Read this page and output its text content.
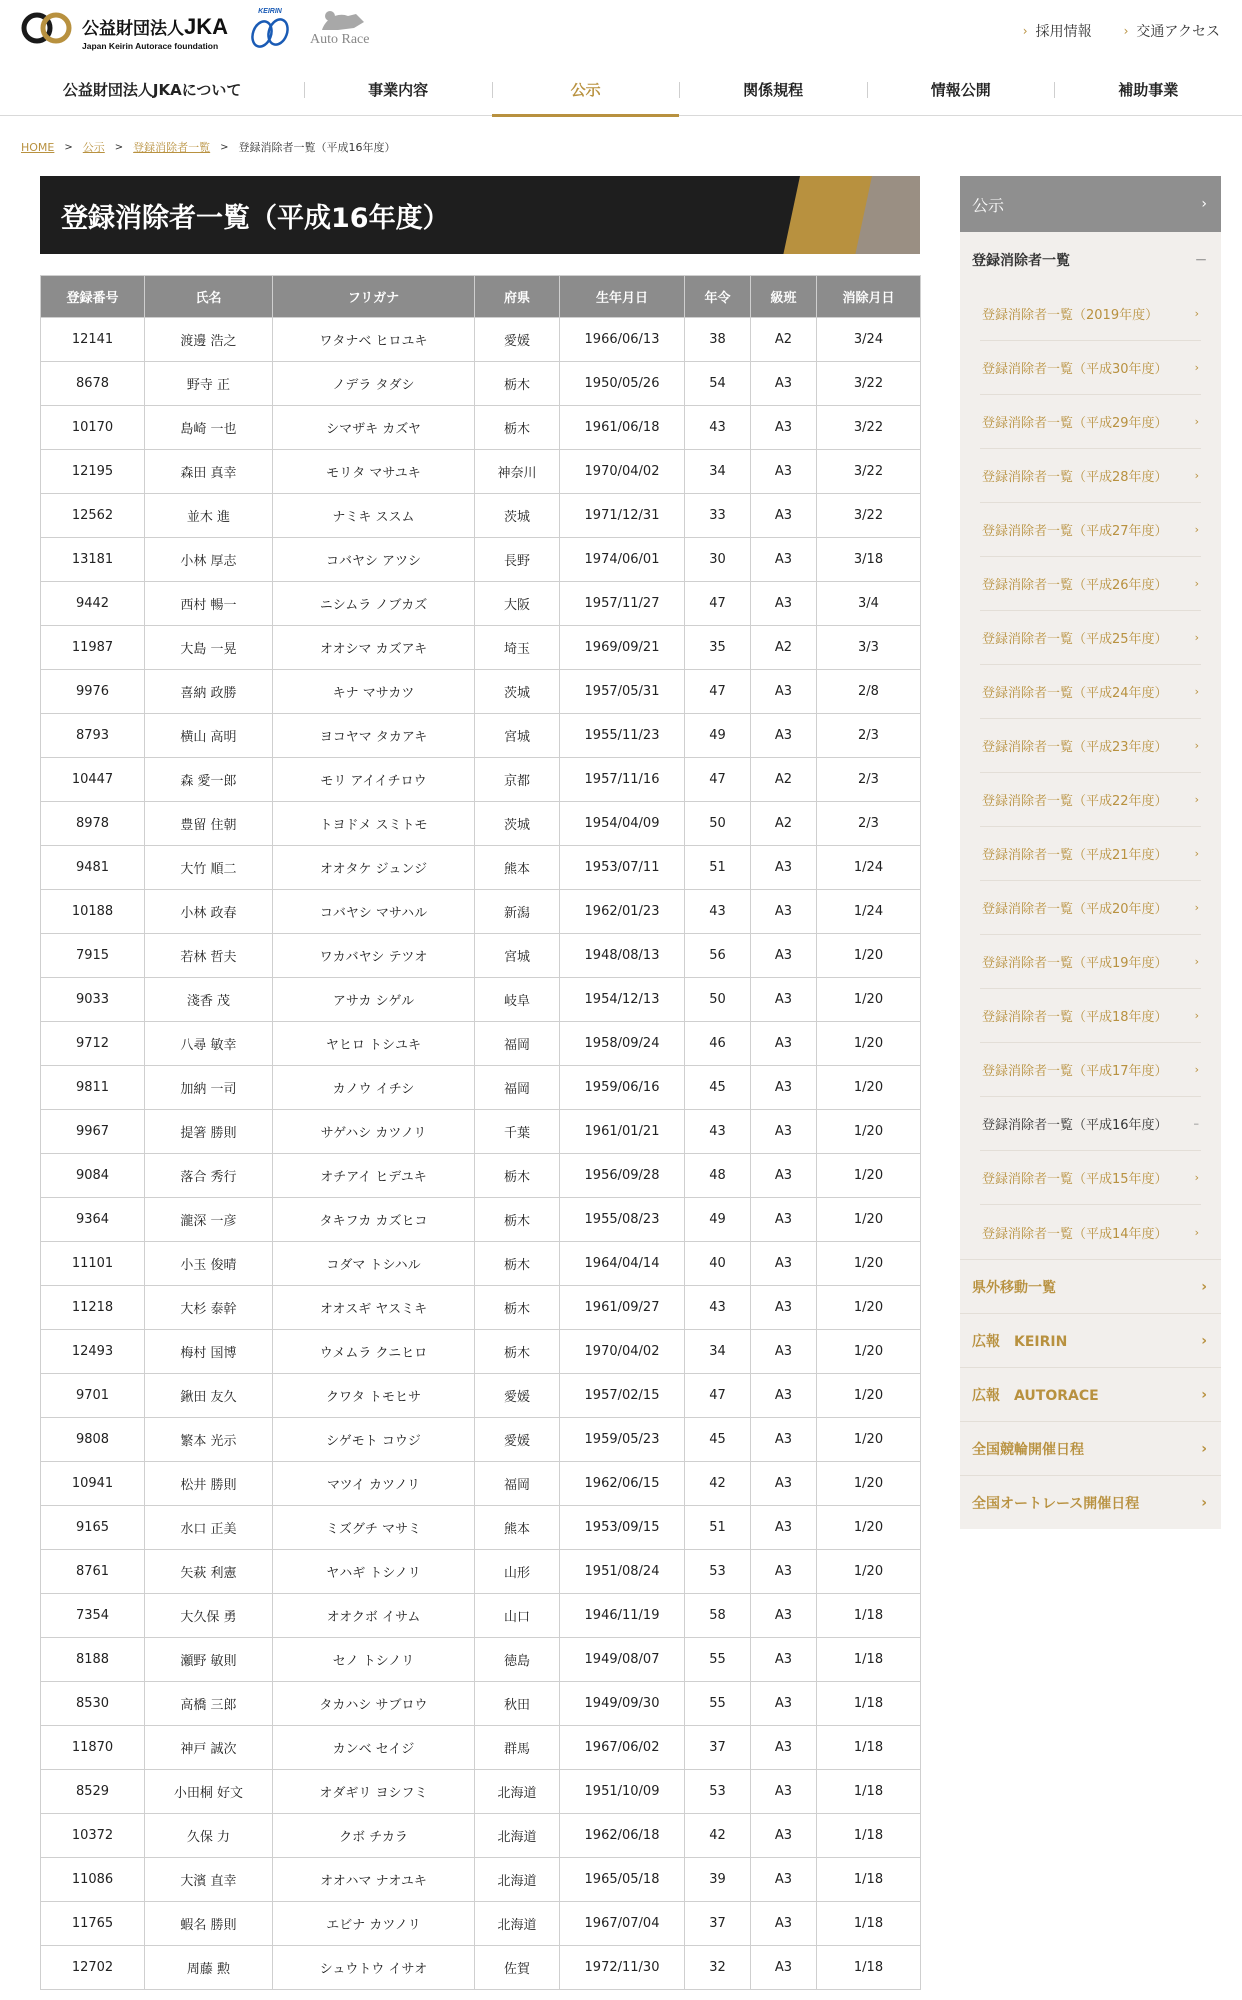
公益財団法人JKA
Japan Keirin Autorace foundation
KEIRIN
Auto Race
› 採用情報	› 交通アクセス
公益財団法人JKAについて	事業内容	公示	関係規程	情報公開	補助事業
HOME > 公示 > 登録消除者一覧 > 登録消除者一覧（平成16年度）
登録消除者一覧（平成16年度）
登録番号	氏名	フリガナ	府県	生年月日	年令	級班	消除月日
12141	渡邊 浩之	ワタナベ ヒロユキ	愛媛	1966/06/13	38	A2	3/24
8678	野寺 正	ノデラ タダシ	栃木	1950/05/26	54	A3	3/22
10170	島崎 一也	シマザキ カズヤ	栃木	1961/06/18	43	A3	3/22
12195	森田 真幸	モリタ マサユキ	神奈川	1970/04/02	34	A3	3/22
12562	並木 進	ナミキ ススム	茨城	1971/12/31	33	A3	3/22
13181	小林 厚志	コバヤシ アツシ	長野	1974/06/01	30	A3	3/18
9442	西村 暢一	ニシムラ ノブカズ	大阪	1957/11/27	47	A3	3/4
11987	大島 一晃	オオシマ カズアキ	埼玉	1969/09/21	35	A2	3/3
9976	喜納 政勝	キナ マサカツ	茨城	1957/05/31	47	A3	2/8
8793	横山 高明	ヨコヤマ タカアキ	宮城	1955/11/23	49	A3	2/3
10447	森 愛一郎	モリ アイイチロウ	京都	1957/11/16	47	A2	2/3
8978	豊留 住朝	トヨドメ スミトモ	茨城	1954/04/09	50	A2	2/3
9481	大竹 順二	オオタケ ジュンジ	熊本	1953/07/11	51	A3	1/24
10188	小林 政春	コバヤシ マサハル	新潟	1962/01/23	43	A3	1/24
7915	若林 哲夫	ワカバヤシ テツオ	宮城	1948/08/13	56	A3	1/20
9033	淺香 茂	アサカ シゲル	岐阜	1954/12/13	50	A3	1/20
9712	八尋 敏幸	ヤヒロ トシユキ	福岡	1958/09/24	46	A3	1/20
9811	加納 一司	カノウ イチシ	福岡	1959/06/16	45	A3	1/20
9967	提箸 勝則	サゲハシ カツノリ	千葉	1961/01/21	43	A3	1/20
9084	落合 秀行	オチアイ ヒデユキ	栃木	1956/09/28	48	A3	1/20
9364	瀧深 一彦	タキフカ カズヒコ	栃木	1955/08/23	49	A3	1/20
11101	小玉 俊晴	コダマ トシハル	栃木	1964/04/14	40	A3	1/20
11218	大杉 泰幹	オオスギ ヤスミキ	栃木	1961/09/27	43	A3	1/20
12493	梅村 国博	ウメムラ クニヒロ	栃木	1970/04/02	34	A3	1/20
9701	鍬田 友久	クワタ トモヒサ	愛媛	1957/02/15	47	A3	1/20
9808	繁本 光示	シゲモト コウジ	愛媛	1959/05/23	45	A3	1/20
10941	松井 勝則	マツイ カツノリ	福岡	1962/06/15	42	A3	1/20
9165	水口 正美	ミズグチ マサミ	熊本	1953/09/15	51	A3	1/20
8761	矢萩 利憲	ヤハギ トシノリ	山形	1951/08/24	53	A3	1/20
7354	大久保 勇	オオクボ イサム	山口	1946/11/19	58	A3	1/18
8188	瀬野 敏則	セノ トシノリ	徳島	1949/08/07	55	A3	1/18
8530	高橋 三郎	タカハシ サブロウ	秋田	1949/09/30	55	A3	1/18
11870	神戸 誠次	カンベ セイジ	群馬	1967/06/02	37	A3	1/18
8529	小田桐 好文	オダギリ ヨシフミ	北海道	1951/10/09	53	A3	1/18
10372	久保 力	クボ チカラ	北海道	1962/06/18	42	A3	1/18
11086	大濱 直幸	オオハマ ナオユキ	北海道	1965/05/18	39	A3	1/18
11765	蝦名 勝則	エビナ カツノリ	北海道	1967/07/04	37	A3	1/18
12702	周藤 勲	シュウトウ イサオ	佐賀	1972/11/30	32	A3	1/18
公示	›
登録消除者一覧	－
登録消除者一覧（2019年度）	›
登録消除者一覧（平成30年度） ›
登録消除者一覧（平成29年度） ›
登録消除者一覧（平成28年度） ›
登録消除者一覧（平成27年度） ›
登録消除者一覧（平成26年度） ›
登録消除者一覧（平成25年度） ›
登録消除者一覧（平成24年度） ›
登録消除者一覧（平成23年度） ›
登録消除者一覧（平成22年度） ›
登録消除者一覧（平成21年度） ›
登録消除者一覧（平成20年度） ›
登録消除者一覧（平成19年度） ›
登録消除者一覧（平成18年度） ›
登録消除者一覧（平成17年度） ›
登録消除者一覧（平成16年度） –
登録消除者一覧（平成15年度） ›
登録消除者一覧（平成14年度） ›
県外移動一覧	›
広報　KEIRIN	›
広報　AUTORACE	›
全国競輪開催日程	›
全国オートレース開催日程	›
